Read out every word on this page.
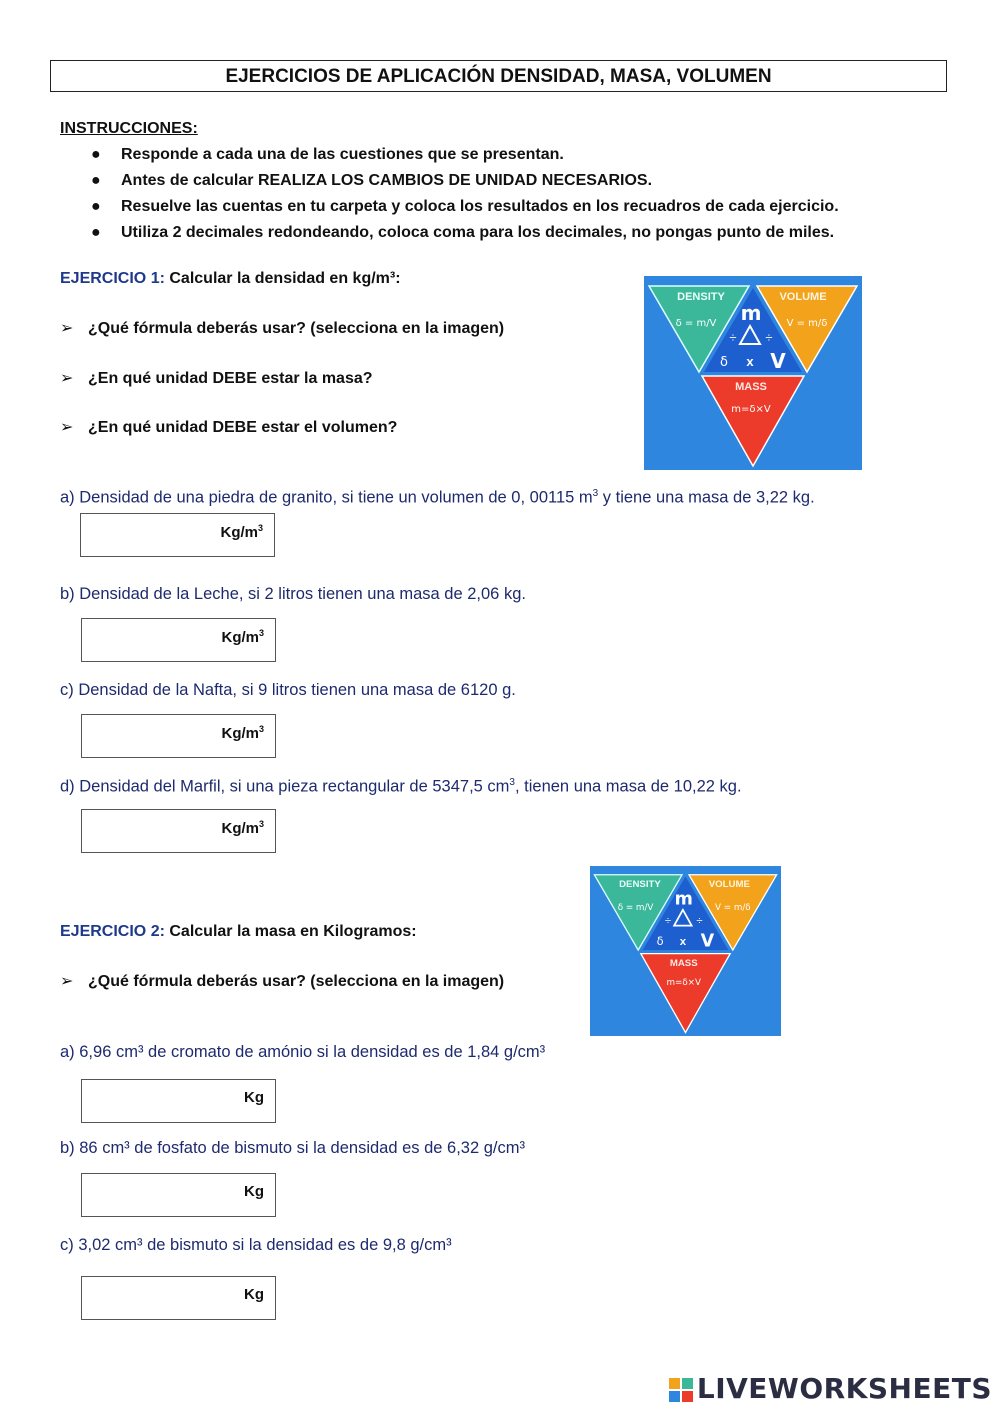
EJERCICIOS DE APLICACIÓN DENSIDAD, MASA, VOLUMEN
INSTRUCCIONES:
● Responde a cada una de las cuestiones que se presentan.
● Antes de calcular REALIZA LOS CAMBIOS DE UNIDAD NECESARIOS.
● Resuelve las cuentas en tu carpeta y coloca los resultados en los recuadros de cada ejercicio.
● Utiliza 2 decimales redondeando, coloca coma para los decimales, no pongas punto de miles.
EJERCICIO 1: Calcular la densidad en kg/m³:
➢ ¿Qué fórmula deberás usar? (selecciona en la imagen)
➢ ¿En qué unidad DEBE estar la masa?
➢ ¿En qué unidad DEBE estar el volumen?
DENSITY	VOLUME
δ = m/V	V = m/δ
m
÷ ÷
δ x V
MASS
m=δ×V
a) Densidad de una piedra de granito, si tiene un volumen de 0, 00115 $m^3$ y tiene una masa de 3,22 kg.
$Kg/m^3$
b) Densidad de la Leche, si 2 litros tienen una masa de 2,06 kg.
$Kg/m^3$
c) Densidad de la Nafta, si 9 litros tienen una masa de 6120 g.
$Kg/m^3$
d) Densidad del Marfil, si una pieza rectangular de 5347,5 $cm^3$, tienen una masa de 10,22 kg.
$Kg/m^3$
DENSITY	VOLUME
δ = m/V	V = m/δ
m
÷ ÷
δ x V
MASS
m=δ×V
EJERCICIO 2: Calcular la masa en Kilogramos:
➢ ¿Qué fórmula deberás usar? (selecciona en la imagen)
a) 6,96 cm³ de cromato de amónio si la densidad es de 1,84 g/cm³
Kg
b) 86 cm³ de fosfato de bismuto si la densidad es de 6,32 g/cm³
Kg
c) 3,02 cm³ de bismuto si la densidad es de 9,8 g/cm³
Kg
LIVEWORKSHEETS
